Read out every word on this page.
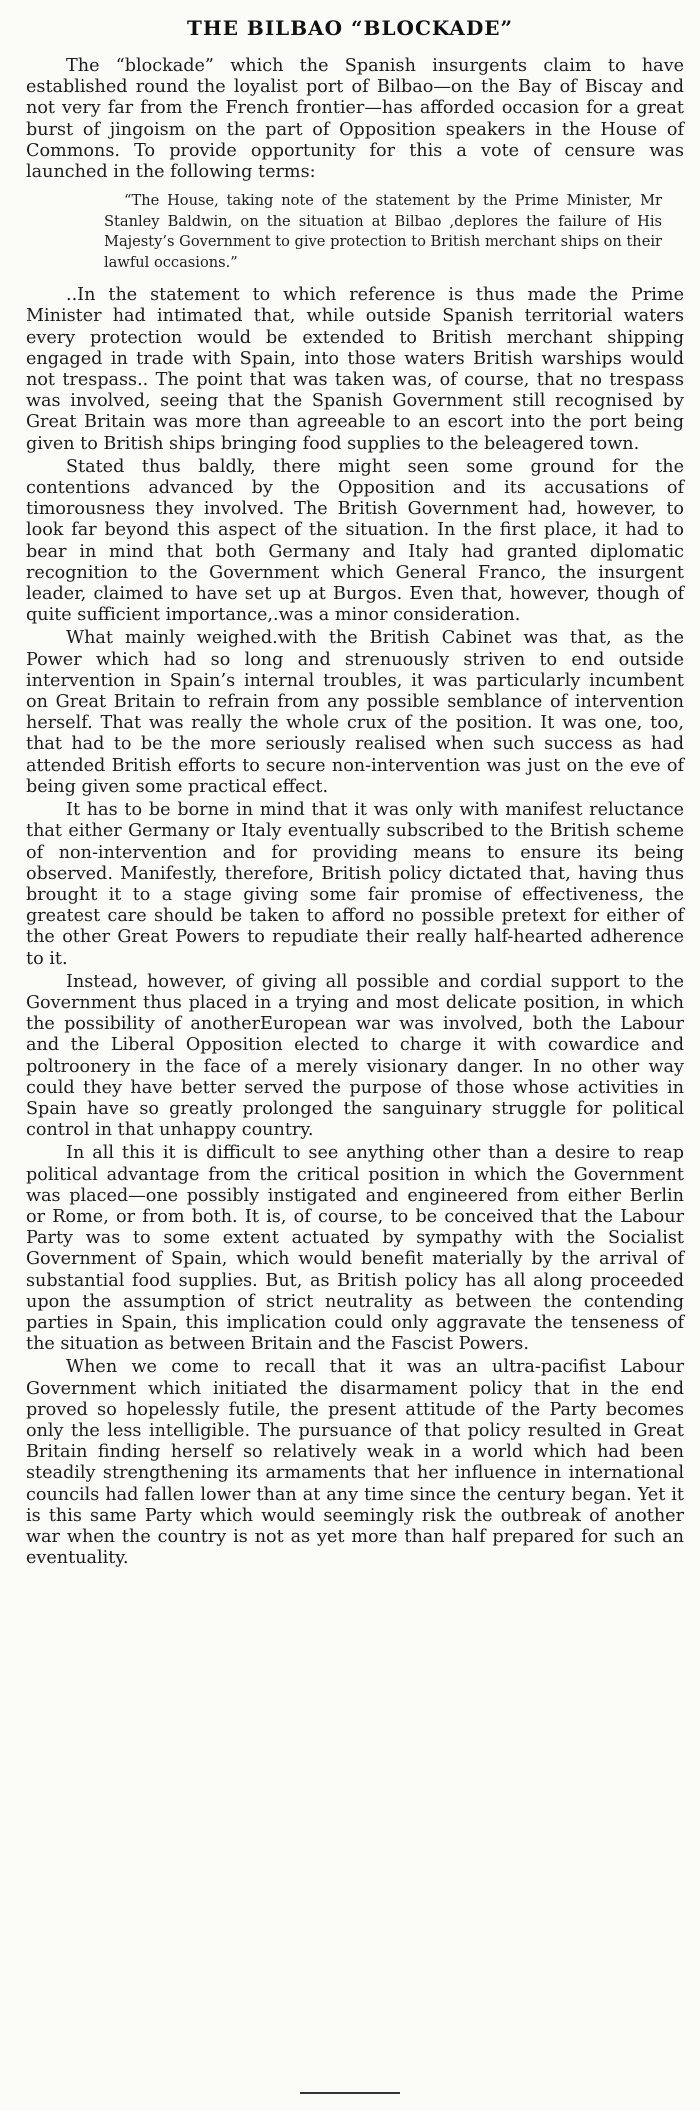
THE BILBAO “BLOCKADE”

The “blockade” which the Spanish insurgents claim to have established round the loyalist port of Bilbao—on the Bay of Biscay and not very far from the French frontier—has afforded occasion for a great burst of jingoism on the part of Opposition speakers in the House of Commons. To provide opportunity for this a vote of censure was launched in the following terms:

“The House, taking note of the statement by the Prime Minister, Mr Stanley Baldwin, on the situation at Bilbao ,deplores the failure of His Majesty’s Government to give protection to British merchant ships on their lawful occasions.”

..In the statement to which reference is thus made the Prime Minister had intimated that, while outside Spanish territorial waters every protection would be extended to British merchant shipping engaged in trade with Spain, into those waters British warships would not trespass.. The point that was taken was, of course, that no trespass was involved, seeing that the Spanish Government still recognised by Great Britain was more than agreeable to an escort into the port being given to British ships bringing food supplies to the beleagered town.

Stated thus baldly, there might seen some ground for the contentions advanced by the Opposition and its accusations of timorousness they involved. The British Government had, however, to look far beyond this aspect of the situation. In the first place, it had to bear in mind that both Germany and Italy had granted diplomatic recognition to the Government which General Franco, the insurgent leader, claimed to have set up at Burgos. Even that, however, though of quite sufficient importance,.was a minor consideration.

What mainly weighed.with the British Cabinet was that, as the Power which had so long and strenuously striven to end outside intervention in Spain’s internal troubles, it was particularly incumbent on Great Britain to refrain from any possible semblance of intervention herself. That was really the whole crux of the position. It was one, too, that had to be the more seriously realised when such success as had attended British efforts to secure non-intervention was just on the eve of being given some practical effect.

It has to be borne in mind that it was only with manifest reluctance that either Germany or Italy eventually subscribed to the British scheme of non-intervention and for providing means to ensure its being observed. Manifestly, therefore, British policy dictated that, having thus brought it to a stage giving some fair promise of effectiveness, the greatest care should be taken to afford no possible pretext for either of the other Great Powers to repudiate their really half-hearted adherence to it.

Instead, however, of giving all possible and cordial support to the Government thus placed in a trying and most delicate position, in which the possibility of anotherEuropean war was involved, both the Labour and the Liberal Opposition elected to charge it with cowardice and poltroonery in the face of a merely visionary danger. In no other way could they have better served the purpose of those whose activities in Spain have so greatly prolonged the sanguinary struggle for political control in that unhappy country.

In all this it is difficult to see anything other than a desire to reap political advantage from the critical position in which the Government was placed—one possibly instigated and engineered from either Berlin or Rome, or from both. It is, of course, to be conceived that the Labour Party was to some extent actuated by sympathy with the Socialist Government of Spain, which would benefit materially by the arrival of substantial food supplies. But, as British policy has all along proceeded upon the assumption of strict neutrality as between the contending parties in Spain, this implication could only aggravate the tenseness of the situation as between Britain and the Fascist Powers.

When we come to recall that it was an ultra-pacifist Labour Government which initiated the disarmament policy that in the end proved so hopelessly futile, the present attitude of the Party becomes only the less intelligible. The pursuance of that policy resulted in Great Britain finding herself so relatively weak in a world which had been steadily strengthening its armaments that her influence in international councils had fallen lower than at any time since the century began. Yet it is this same Party which would seemingly risk the outbreak of another war when the country is not as yet more than half prepared for such an eventuality.
